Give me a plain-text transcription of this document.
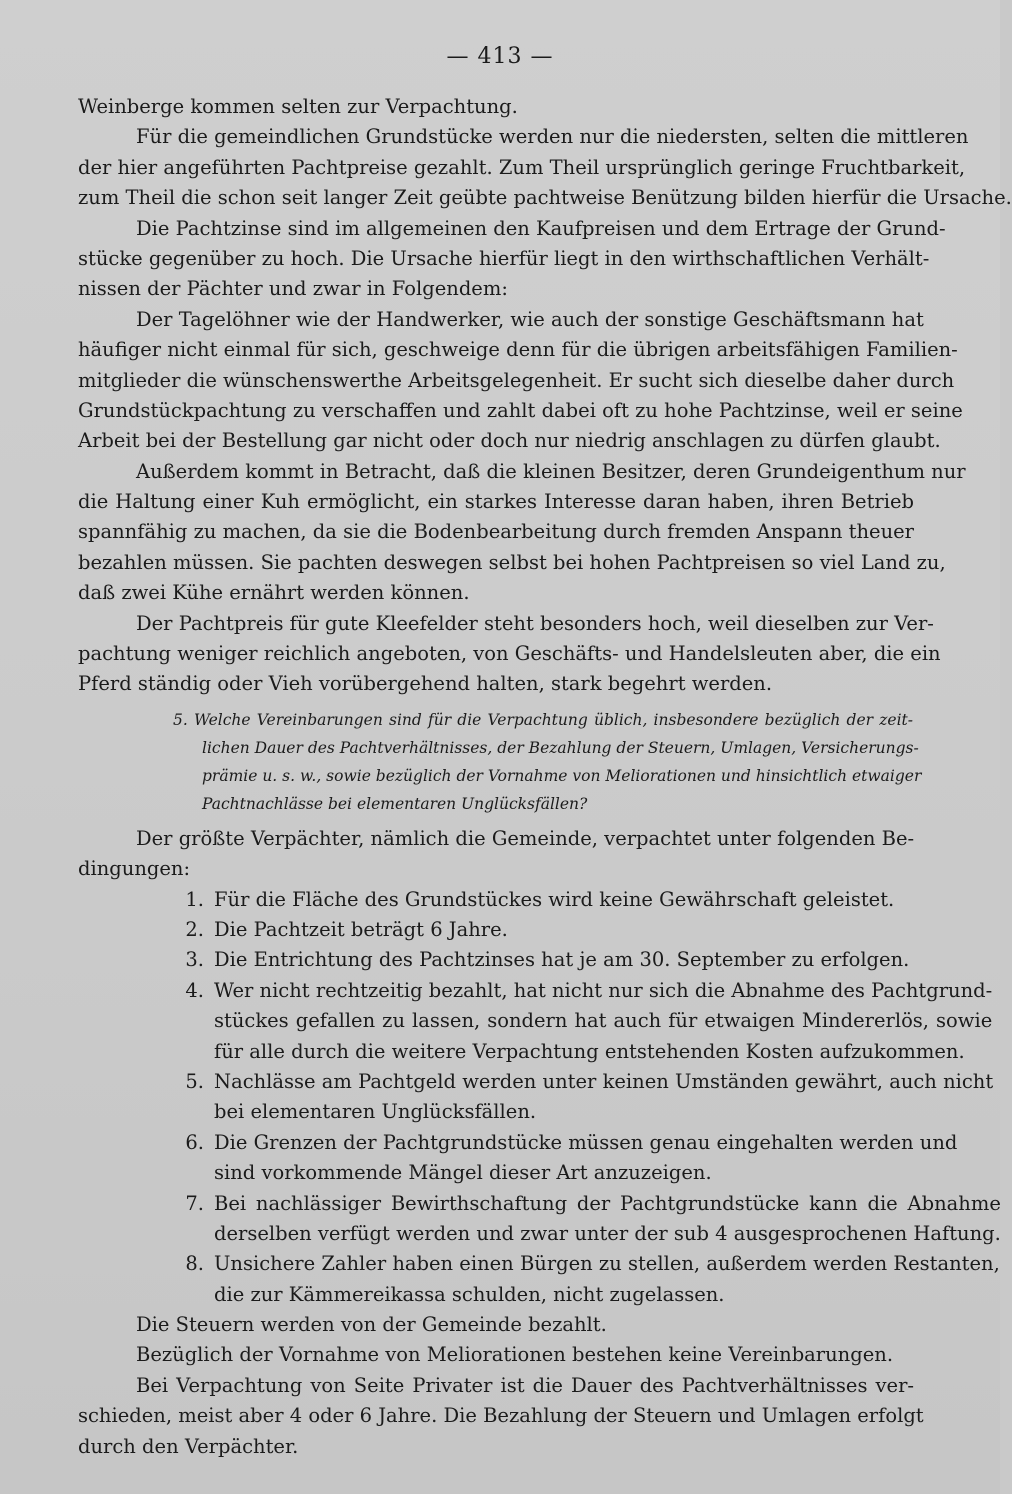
— 413 —
Weinberge kommen selten zur Verpachtung.
Für die gemeindlichen Grundstücke werden nur die niedersten, selten die mittleren
der hier angeführten Pachtpreise gezahlt. Zum Theil ursprünglich geringe Fruchtbarkeit,
zum Theil die schon seit langer Zeit geübte pachtweise Benützung bilden hierfür die Ursache.
Die Pachtzinse sind im allgemeinen den Kaufpreisen und dem Ertrage der Grund-
stücke gegenüber zu hoch. Die Ursache hierfür liegt in den wirthschaftlichen Verhält-
nissen der Pächter und zwar in Folgendem:
Der Tagelöhner wie der Handwerker, wie auch der sonstige Geschäftsmann hat
häufiger nicht einmal für sich, geschweige denn für die übrigen arbeitsfähigen Familien-
mitglieder die wünschenswerthe Arbeitsgelegenheit. Er sucht sich dieselbe daher durch
Grundstückpachtung zu verschaffen und zahlt dabei oft zu hohe Pachtzinse, weil er seine
Arbeit bei der Bestellung gar nicht oder doch nur niedrig anschlagen zu dürfen glaubt.
Außerdem kommt in Betracht, daß die kleinen Besitzer, deren Grundeigenthum nur
die Haltung einer Kuh ermöglicht, ein starkes Interesse daran haben, ihren Betrieb
spannfähig zu machen, da sie die Bodenbearbeitung durch fremden Anspann theuer
bezahlen müssen. Sie pachten deswegen selbst bei hohen Pachtpreisen so viel Land zu,
daß zwei Kühe ernährt werden können.
Der Pachtpreis für gute Kleefelder steht besonders hoch, weil dieselben zur Ver-
pachtung weniger reichlich angeboten, von Geschäfts- und Handelsleuten aber, die ein
Pferd ständig oder Vieh vorübergehend halten, stark begehrt werden.
5. Welche Vereinbarungen sind für die Verpachtung üblich, insbesondere bezüglich der zeit-
lichen Dauer des Pachtverhältnisses, der Bezahlung der Steuern, Umlagen, Versicherungs-
prämie u. s. w., sowie bezüglich der Vornahme von Meliorationen und hinsichtlich etwaiger
Pachtnachlässe bei elementaren Unglücksfällen?
Der größte Verpächter, nämlich die Gemeinde, verpachtet unter folgenden Be-
dingungen:
1. Für die Fläche des Grundstückes wird keine Gewährschaft geleistet.
2. Die Pachtzeit beträgt 6 Jahre.
3. Die Entrichtung des Pachtzinses hat je am 30. September zu erfolgen.
4. Wer nicht rechtzeitig bezahlt, hat nicht nur sich die Abnahme des Pachtgrund-
stückes gefallen zu lassen, sondern hat auch für etwaigen Mindererlös, sowie
für alle durch die weitere Verpachtung entstehenden Kosten aufzukommen.
5. Nachlässe am Pachtgeld werden unter keinen Umständen gewährt, auch nicht
bei elementaren Unglücksfällen.
6. Die Grenzen der Pachtgrundstücke müssen genau eingehalten werden und
sind vorkommende Mängel dieser Art anzuzeigen.
7. Bei nachlässiger Bewirthschaftung der Pachtgrundstücke kann die Abnahme
derselben verfügt werden und zwar unter der sub 4 ausgesprochenen Haftung.
8. Unsichere Zahler haben einen Bürgen zu stellen, außerdem werden Restanten,
die zur Kämmereikassa schulden, nicht zugelassen.
Die Steuern werden von der Gemeinde bezahlt.
Bezüglich der Vornahme von Meliorationen bestehen keine Vereinbarungen.
Bei Verpachtung von Seite Privater ist die Dauer des Pachtverhältnisses ver-
schieden, meist aber 4 oder 6 Jahre. Die Bezahlung der Steuern und Umlagen erfolgt
durch den Verpächter.
